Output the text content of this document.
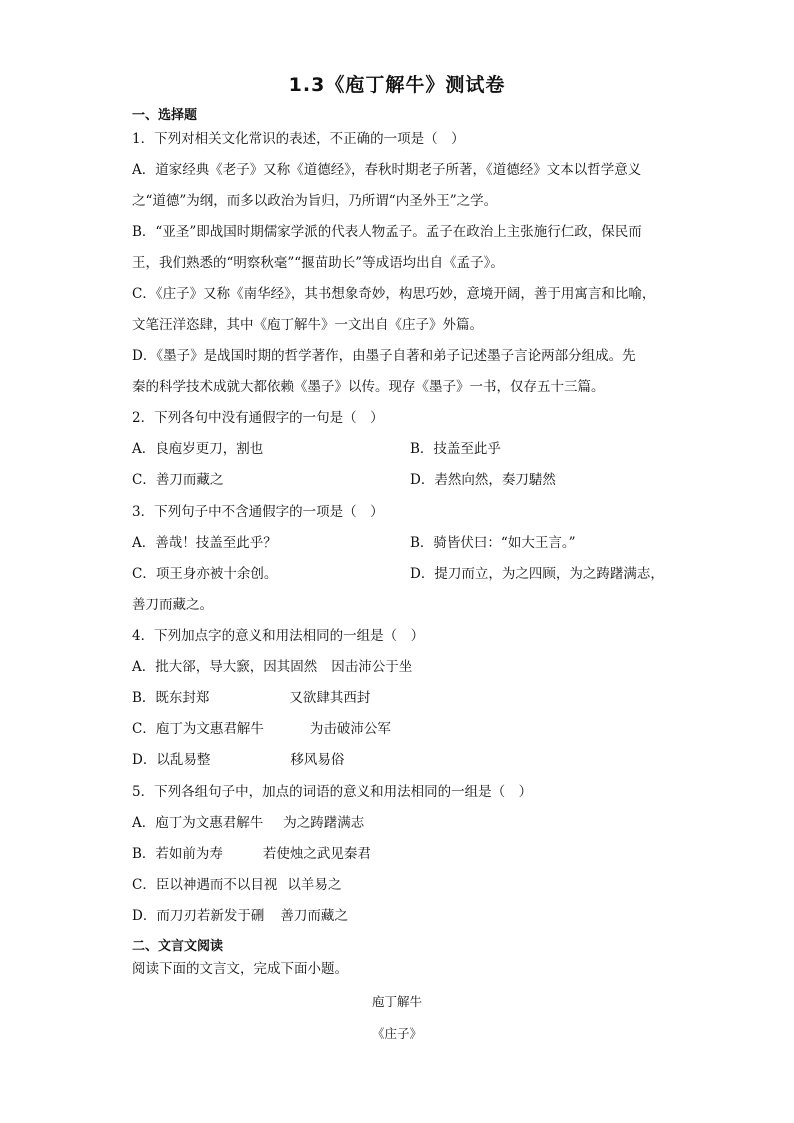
1.3《庖丁解牛》测试卷
一、选择题
1．下列对相关文化常识的表述，不正确的一项是（　）
A．道家经典《老子》又称《道德经》，春秋时期老子所著，《道德经》文本以哲学意义
之“道德”为纲，而多以政治为旨归，乃所谓“内圣外王”之学。
B．“亚圣”即战国时期儒家学派的代表人物孟子。孟子在政治上主张施行仁政，保民而
王，我们熟悉的“明察秋毫”“揠苗助长”等成语均出自《孟子》。
C．《庄子》又称《南华经》，其书想象奇妙，构思巧妙，意境开阔，善于用寓言和比喻，
文笔汪洋恣肆，其中《庖丁解牛》一文出自《庄子》外篇。
D．《墨子》是战国时期的哲学著作，由墨子自著和弟子记述墨子言论两部分组成。先
秦的科学技术成就大都依赖《墨子》以传。现存《墨子》一书，仅存五十三篇。
2．下列各句中没有通假字的一句是（　）
A．良庖岁更刀，割也	B．技盖至此乎
C．善刀而藏之	D．砉然向然，奏刀騞然
3．下列句子中不含通假字的一项是（　）
A．善哉！技盖至此乎？	B．骑皆伏曰：“如大王言。”
C．项王身亦被十余创。	D．提刀而立，为之四顾，为之踌躇满志，
善刀而藏之。
4．下列加点字的意义和用法相同的一组是（　）
A．批大郤，导大窾，因其固然 因击沛公于坐
B．既东封郑	又欲肆其西封
C．庖丁为文惠君解牛	为击破沛公军
D．以乱易整	移风易俗
5．下列各组句子中，加点的词语的意义和用法相同的一组是（　）
A．庖丁为文惠君解牛 为之踌躇满志
B．若如前为寿	若使烛之武见秦君
C．臣以神遇而不以目视 以羊易之
D．而刀刃若新发于硎 善刀而藏之
二、文言文阅读
阅读下面的文言文，完成下面小题。
庖丁解牛
《庄子》
